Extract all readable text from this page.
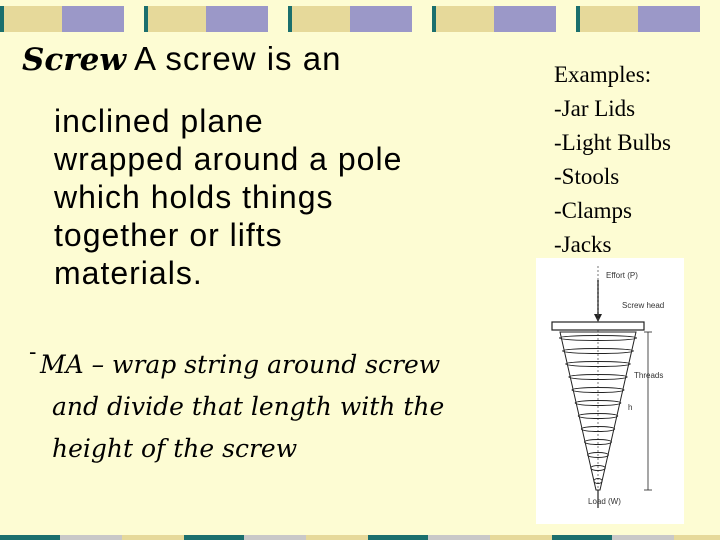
Screw A screw is an
inclined plane
wrapped around a pole
which holds things
together or lifts
materials.
- MA – wrap string around screw
and divide that length with the
height of the screw
Examples:
-Jar Lids
-Light Bulbs
-Stools
-Clamps
-Jacks
Effort (P)
Screw head
Threads
h
Load (W)
